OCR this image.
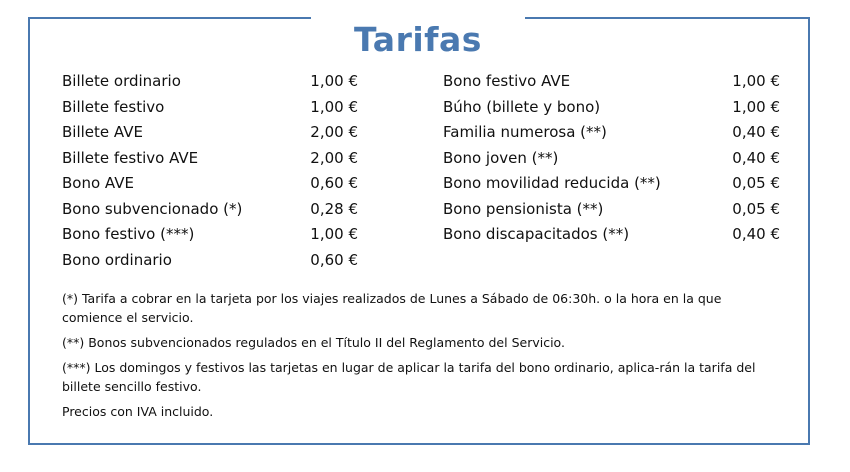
Tarifas
Billete ordinario	1,00 €
Billete festivo	1,00 €
Billete AVE	2,00 €
Billete festivo AVE	2,00 €
Bono AVE	0,60 €
Bono subvencionado (*)	0,28 €
Bono festivo (***)	1,00 €
Bono ordinario	0,60 €
Bono festivo AVE	1,00 €
Búho (billete y bono)	1,00 €
Familia numerosa (**)	0,40 €
Bono joven (**)	0,40 €
Bono movilidad reducida (**)	0,05 €
Bono pensionista (**)	0,05 €
Bono discapacitados (**)	0,40 €

(*) Tarifa a cobrar en la tarjeta por los viajes realizados de Lunes a Sábado de 06:30h. o la hora en la que comience el servicio.

(**) Bonos subvencionados regulados en el Título II del Reglamento del Servicio.

(***) Los domingos y festivos las tarjetas en lugar de aplicar la tarifa del bono ordinario, aplica-rán la tarifa del billete sencillo festivo.

Precios con IVA incluido.
